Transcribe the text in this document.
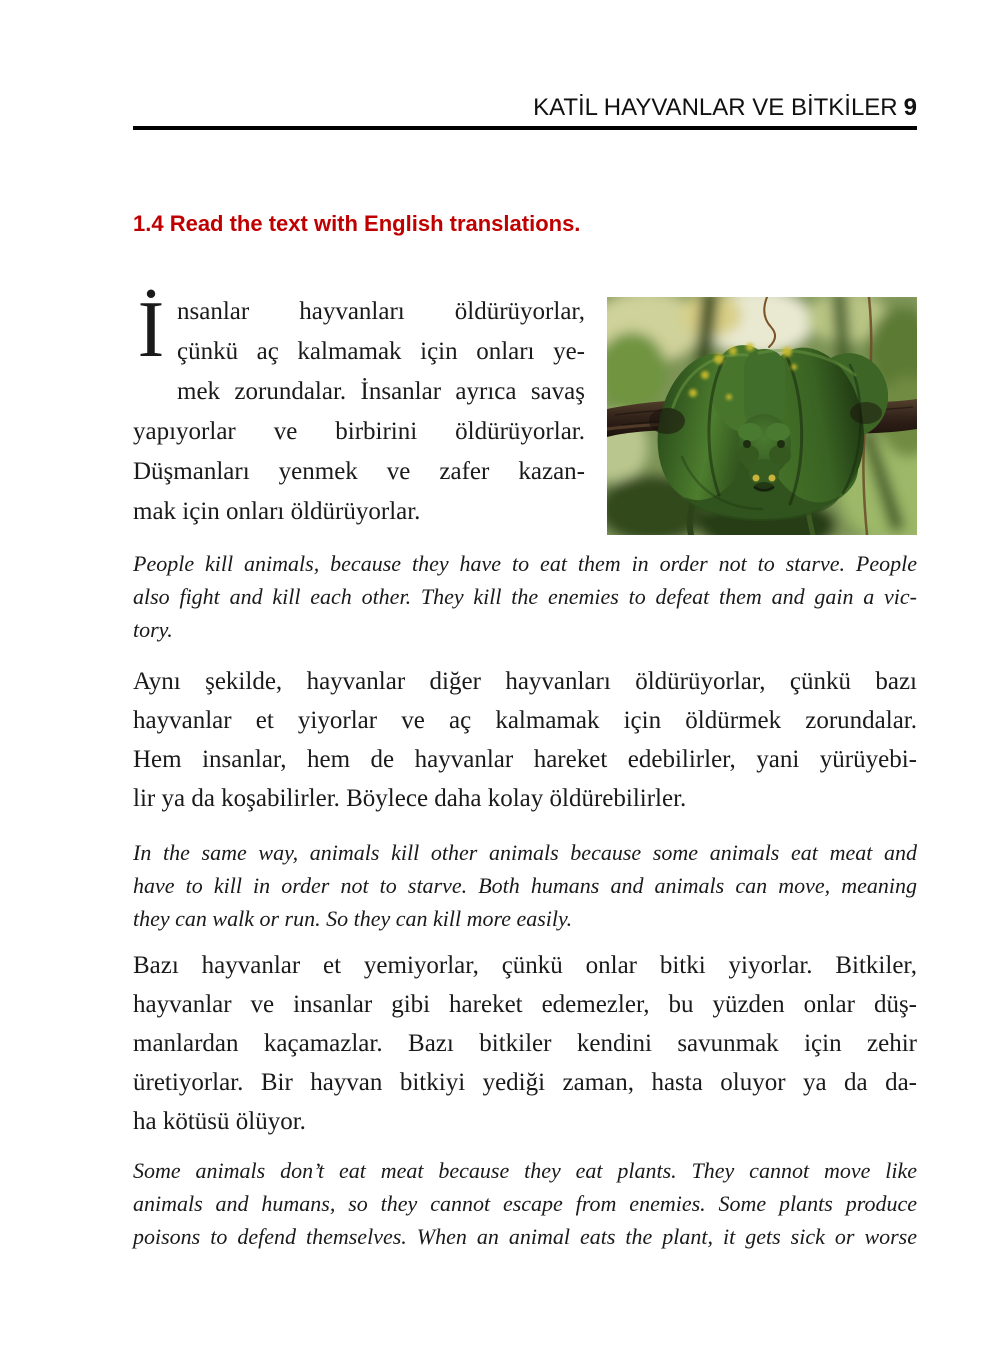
KATİL HAYVANLAR VE BİTKİLER 9
1.4 Read the text with English translations.
İ nsanlar hayvanları öldürüyorlar,
çünkü aç kalmamak için onları ye-
mek zorundalar. İnsanlar ayrıca savaş
yapıyorlar ve birbirini öldürüyorlar.
Düşmanları yenmek ve zafer kazan-
mak için onları öldürüyorlar.
People kill animals, because they have to eat them in order not to starve. People
also fight and kill each other. They kill the enemies to defeat them and gain a vic-
tory.
Aynı şekilde, hayvanlar diğer hayvanları öldürüyorlar, çünkü bazı
hayvanlar et yiyorlar ve aç kalmamak için öldürmek zorundalar.
Hem insanlar, hem de hayvanlar hareket edebilirler, yani yürüyebi-
lir ya da koşabilirler. Böylece daha kolay öldürebilirler.
In the same way, animals kill other animals because some animals eat meat and
have to kill in order not to starve. Both humans and animals can move, meaning
they can walk or run. So they can kill more easily.
Bazı hayvanlar et yemiyorlar, çünkü onlar bitki yiyorlar. Bitkiler,
hayvanlar ve insanlar gibi hareket edemezler, bu yüzden onlar düş-
manlardan kaçamazlar. Bazı bitkiler kendini savunmak için zehir
üretiyorlar. Bir hayvan bitkiyi yediği zaman, hasta oluyor ya da da-
ha kötüsü ölüyor.
Some animals don’t eat meat because they eat plants. They cannot move like
animals and humans, so they cannot escape from enemies. Some plants produce
poisons to defend themselves. When an animal eats the plant, it gets sick or worse
